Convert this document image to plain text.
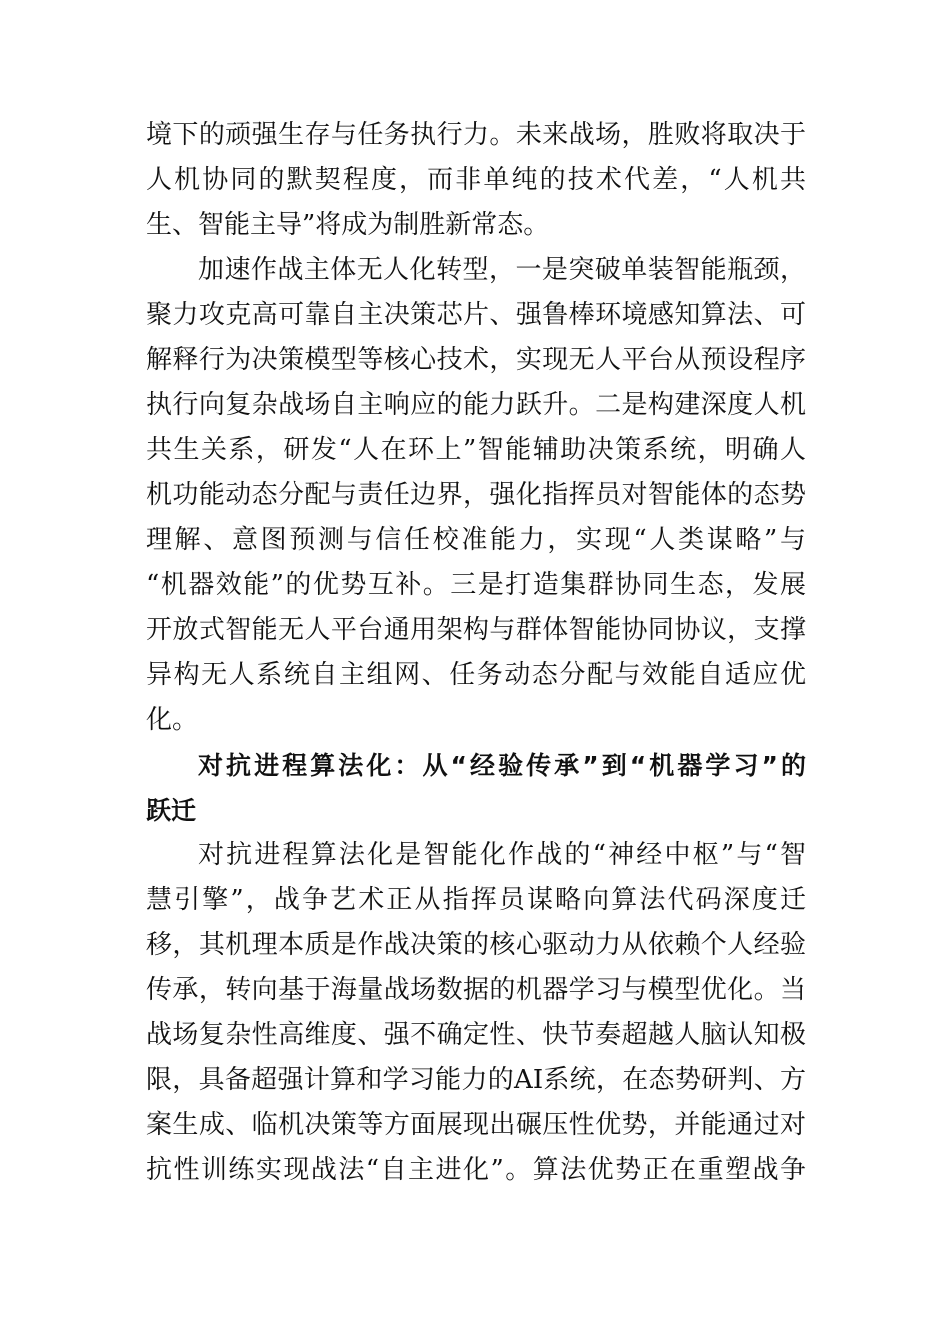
境下的顽强生存与任务执行力。未来战场，胜败将取决于
人机协同的默契程度，而非单纯的技术代差，“人机共
生、智能主导”将成为制胜新常态。
加速作战主体无人化转型，一是突破单装智能瓶颈，
聚力攻克高可靠自主决策芯片、强鲁棒环境感知算法、可
解释行为决策模型等核心技术，实现无人平台从预设程序
执行向复杂战场自主响应的能力跃升。二是构建深度人机
共生关系，研发“人在环上”智能辅助决策系统，明确人
机功能动态分配与责任边界，强化指挥员对智能体的态势
理解、意图预测与信任校准能力，实现“人类谋略”与
“机器效能”的优势互补。三是打造集群协同生态，发展
开放式智能无人平台通用架构与群体智能协同协议，支撑
异构无人系统自主组网、任务动态分配与效能自适应优
化。
对抗进程算法化：从“经验传承”到“机器学习”的
跃迁
对抗进程算法化是智能化作战的“神经中枢”与“智
慧引擎”，战争艺术正从指挥员谋略向算法代码深度迁
移，其机理本质是作战决策的核心驱动力从依赖个人经验
传承，转向基于海量战场数据的机器学习与模型优化。当
战场复杂性高维度、强不确定性、快节奏超越人脑认知极
限，具备超强计算和学习能力的AI系统，在态势研判、方
案生成、临机决策等方面展现出碾压性优势，并能通过对
抗性训练实现战法“自主进化”。算法优势正在重塑战争
